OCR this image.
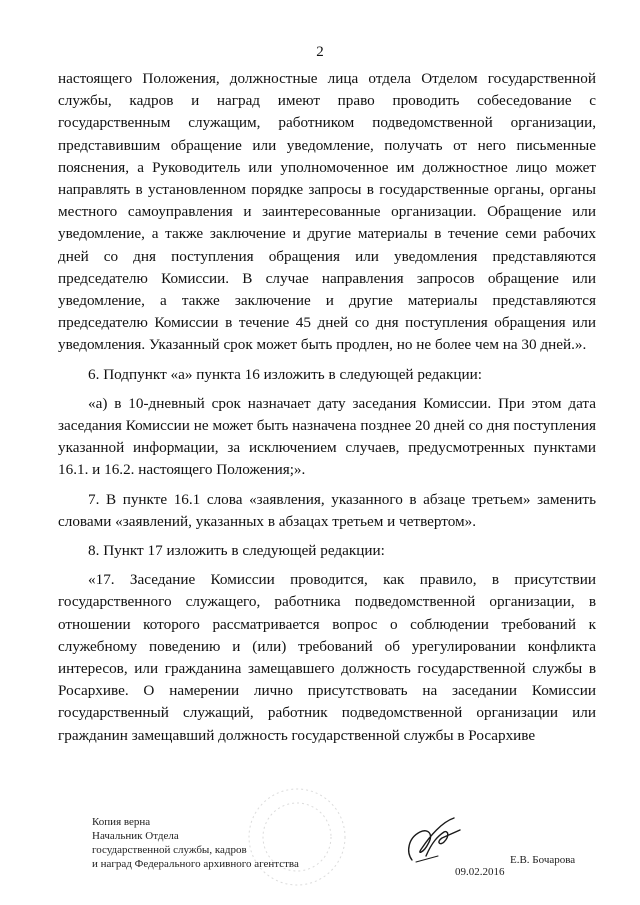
2

настоящего Положения, должностные лица отдела Отделом государственной службы, кадров и наград имеют право проводить собеседование с государственным служащим, работником подведомственной организации, представившим обращение или уведомление, получать от него письменные пояснения, а Руководитель или уполномоченное им должностное лицо может направлять в установленном порядке запросы в государственные органы, органы местного самоуправления и заинтересованные организации. Обращение или уведомление, а также заключение и другие материалы в течение семи рабочих дней со дня поступления обращения или уведомления представляются председателю Комиссии. В случае направления запросов обращение или уведомление, а также заключение и другие материалы представляются председателю Комиссии в течение 45 дней со дня поступления обращения или уведомления. Указанный срок может быть продлен, но не более чем на 30 дней.».

6. Подпункт «а» пункта 16 изложить в следующей редакции:

«а) в 10-дневный срок назначает дату заседания Комиссии. При этом дата заседания Комиссии не может быть назначена позднее 20 дней со дня поступления указанной информации, за исключением случаев, предусмотренных пунктами 16.1. и 16.2. настоящего Положения;».

7. В пункте 16.1 слова «заявления, указанного в абзаце третьем» заменить словами «заявлений, указанных в абзацах третьем и четвертом».

8. Пункт 17 изложить в следующей редакции:

«17. Заседание Комиссии проводится, как правило, в присутствии государственного служащего, работника подведомственной организации, в отношении которого рассматривается вопрос о соблюдении требований к служебному поведению и (или) требований об урегулировании конфликта интересов, или гражданина замещавшего должность государственной службы в Росархиве. О намерении лично присутствовать на заседании Комиссии государственный служащий, работник подведомственной организации или гражданин замещавший должность государственной службы в Росархиве

Копия верна
Начальник Отдела
государственной службы, кадров
и наград Федерального архивного агентства	Е.В. Бочарова
09.02.2016
